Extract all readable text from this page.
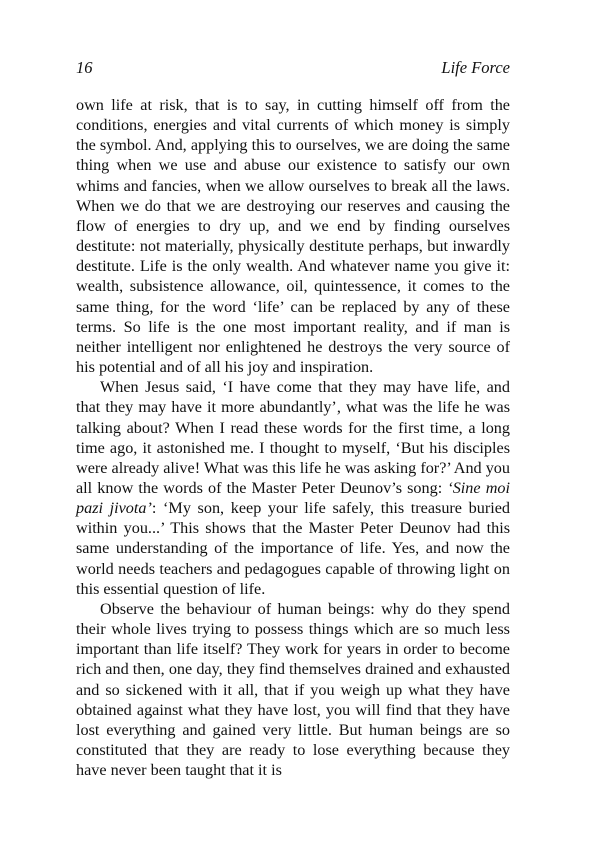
16	Life Force

own life at risk, that is to say, in cutting himself off from the conditions, energies and vital currents of which money is simply the symbol. And, applying this to ourselves, we are doing the same thing when we use and abuse our existence to satisfy our own whims and fancies, when we allow ourselves to break all the laws. When we do that we are destroying our reserves and causing the flow of energies to dry up, and we end by finding ourselves destitute: not materially, physically destitute perhaps, but inwardly destitute. Life is the only wealth. And whatever name you give it: wealth, subsistence allowance, oil, quintessence, it comes to the same thing, for the word ‘life’ can be replaced by any of these terms. So life is the one most important reality, and if man is neither intelligent nor enlightened he destroys the very source of his potential and of all his joy and inspiration.

When Jesus said, ‘I have come that they may have life, and that they may have it more abundantly’, what was the life he was talking about? When I read these words for the first time, a long time ago, it astonished me. I thought to myself, ‘But his disciples were already alive! What was this life he was asking for?’ And you all know the words of the Master Peter Deunov’s song: ‘Sine moi pazi jivota’: ‘My son, keep your life safely, this treasure buried within you...’ This shows that the Master Peter Deunov had this same understanding of the importance of life. Yes, and now the world needs teachers and pedagogues capable of throwing light on this essential question of life.

Observe the behaviour of human beings: why do they spend their whole lives trying to possess things which are so much less important than life itself? They work for years in order to become rich and then, one day, they find themselves drained and exhausted and so sickened with it all, that if you weigh up what they have obtained against what they have lost, you will find that they have lost everything and gained very little. But human beings are so constituted that they are ready to lose everything because they have never been taught that it is
